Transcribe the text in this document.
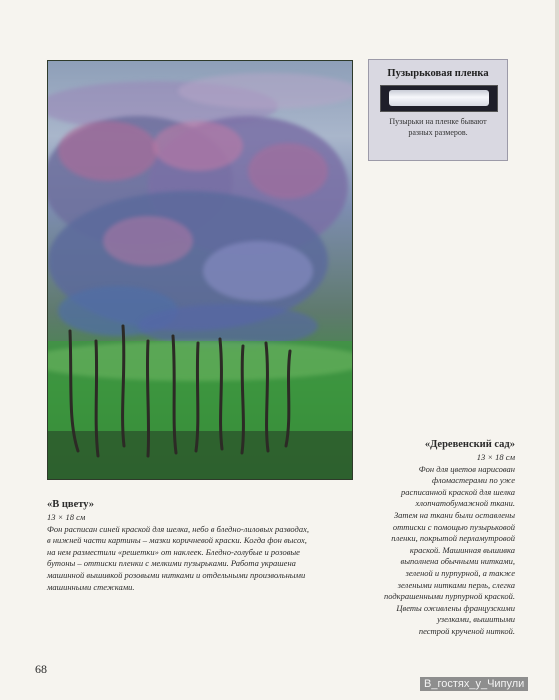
Пузырьковая пленка
Пузырьки на пленке бывают
разных размеров.
«Деревенский сад»
13 × 18 см
Фон для цветов нарисован
фломастерами по уже
расписанной краской для шелка
хлопчатобумажной ткани.
Затем на ткани были оставлены
оттиски с помощью пузырьковой
пленки, покрытой перламутровой
краской. Машинная вышивка
выполнена обычными нитками,
зеленой и пурпурной, а также
зелеными нитками перль, слегка
подкрашенными пурпурной краской.
Цветы оживлены французскими
узелками, вышитыми
пестрой крученой ниткой.
«В цвету»
13 × 18 см
Фон расписан синей краской для шелка, небо в бледно-лиловых разводах,
в нижней части картины – мазки коричневой краски. Когда фон высох,
на нем разместили «решетки» от наклеек. Бледно-голубые и розовые
бутоны – оттиски пленки с мелкими пузырьками. Работа украшена
машинной вышивкой розовыми нитками и отдельными произвольными
машинными стежками.
68
В_гостях_у_Чипули
